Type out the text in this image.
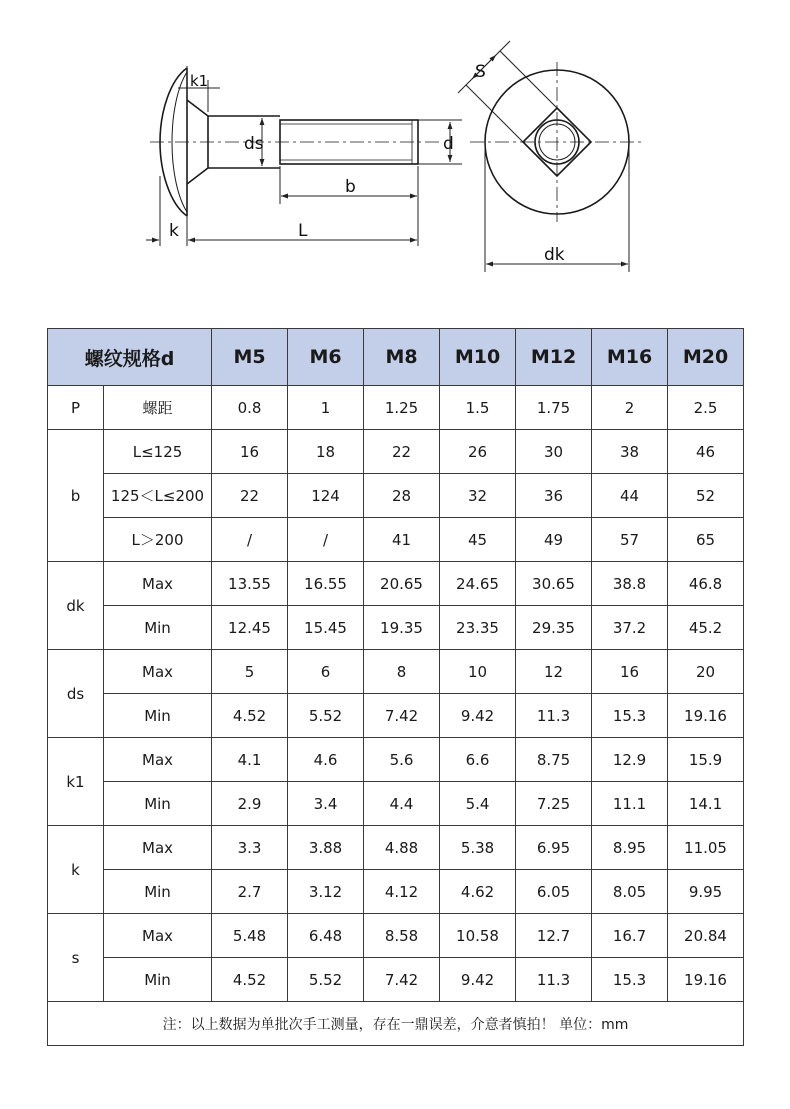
k1
ds	d
b
k	L
S
dk
螺纹规格d		M5	M6	M8	M10	M12	M16	M20
P	螺距	0.8	1	1.25	1.5	1.75	2	2.5
b	L≤125	16	18	22	26	30	38	46
	125＜L≤200	22	124	28	32	36	44	52
	L＞200	/	/	41	45	49	57	65
dk	Max	13.55	16.55	20.65	24.65	30.65	38.8	46.8
	Min	12.45	15.45	19.35	23.35	29.35	37.2	45.2
ds	Max	5	6	8	10	12	16	20
	Min	4.52	5.52	7.42	9.42	11.3	15.3	19.16
k1	Max	4.1	4.6	5.6	6.6	8.75	12.9	15.9
	Min	2.9	3.4	4.4	5.4	7.25	11.1	14.1
k	Max	3.3	3.88	4.88	5.38	6.95	8.95	11.05
	Min	2.7	3.12	4.12	4.62	6.05	8.05	9.95
s	Max	5.48	6.48	8.58	10.58	12.7	16.7	20.84
	Min	4.52	5.52	7.42	9.42	11.3	15.3	19.16
注：以上数据为单批次手工测量，存在一鼎误差，介意者慎拍！ 单位：mm								
